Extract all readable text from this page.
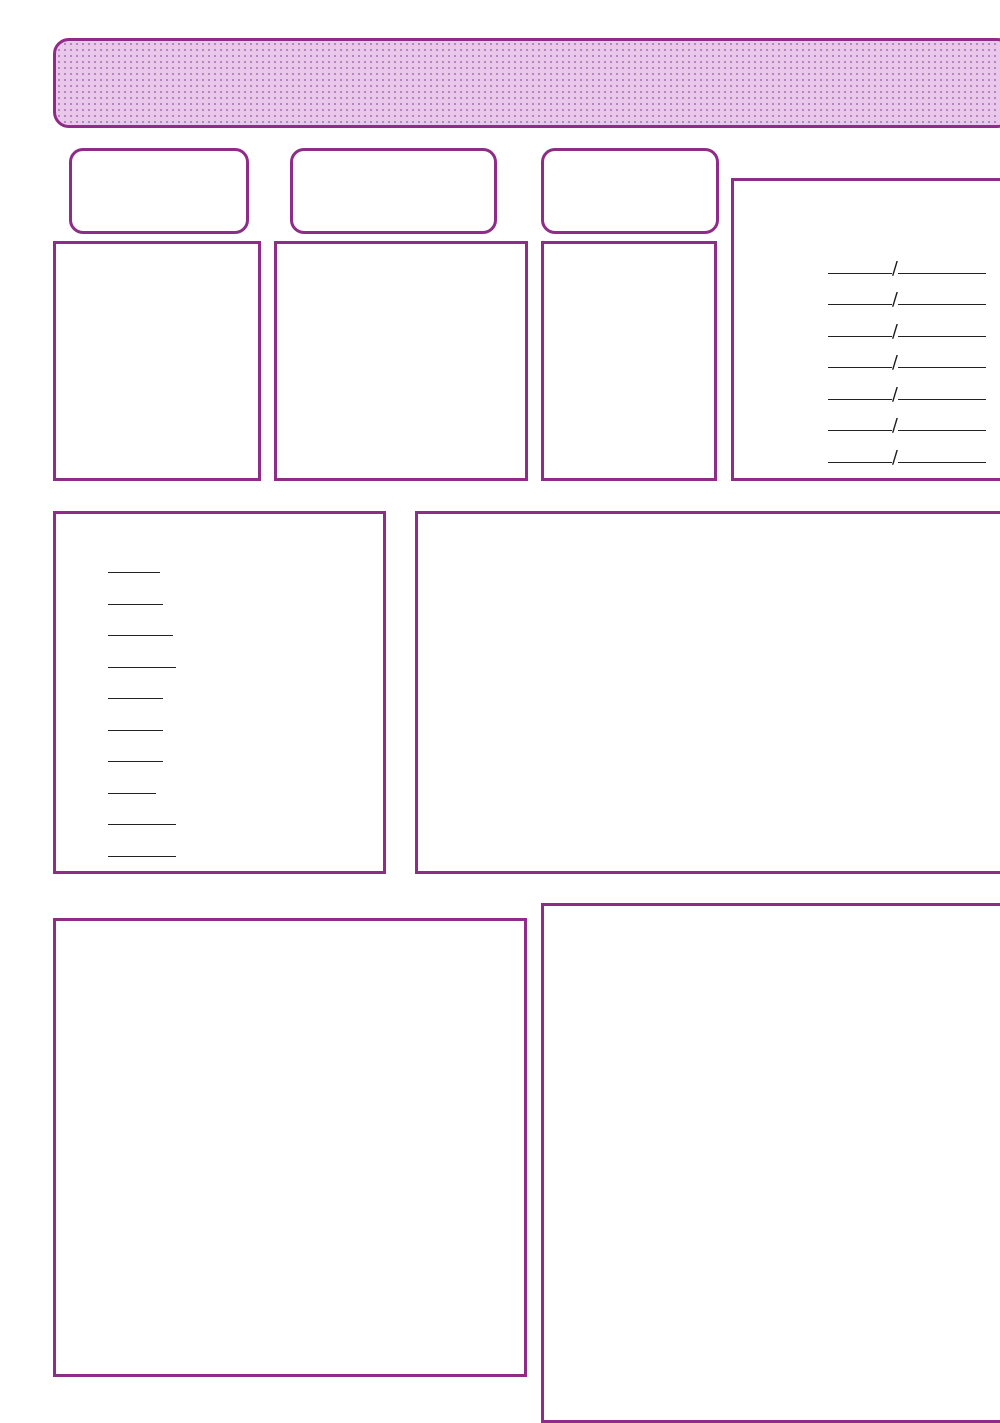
/
/
/
/
/
/
/
